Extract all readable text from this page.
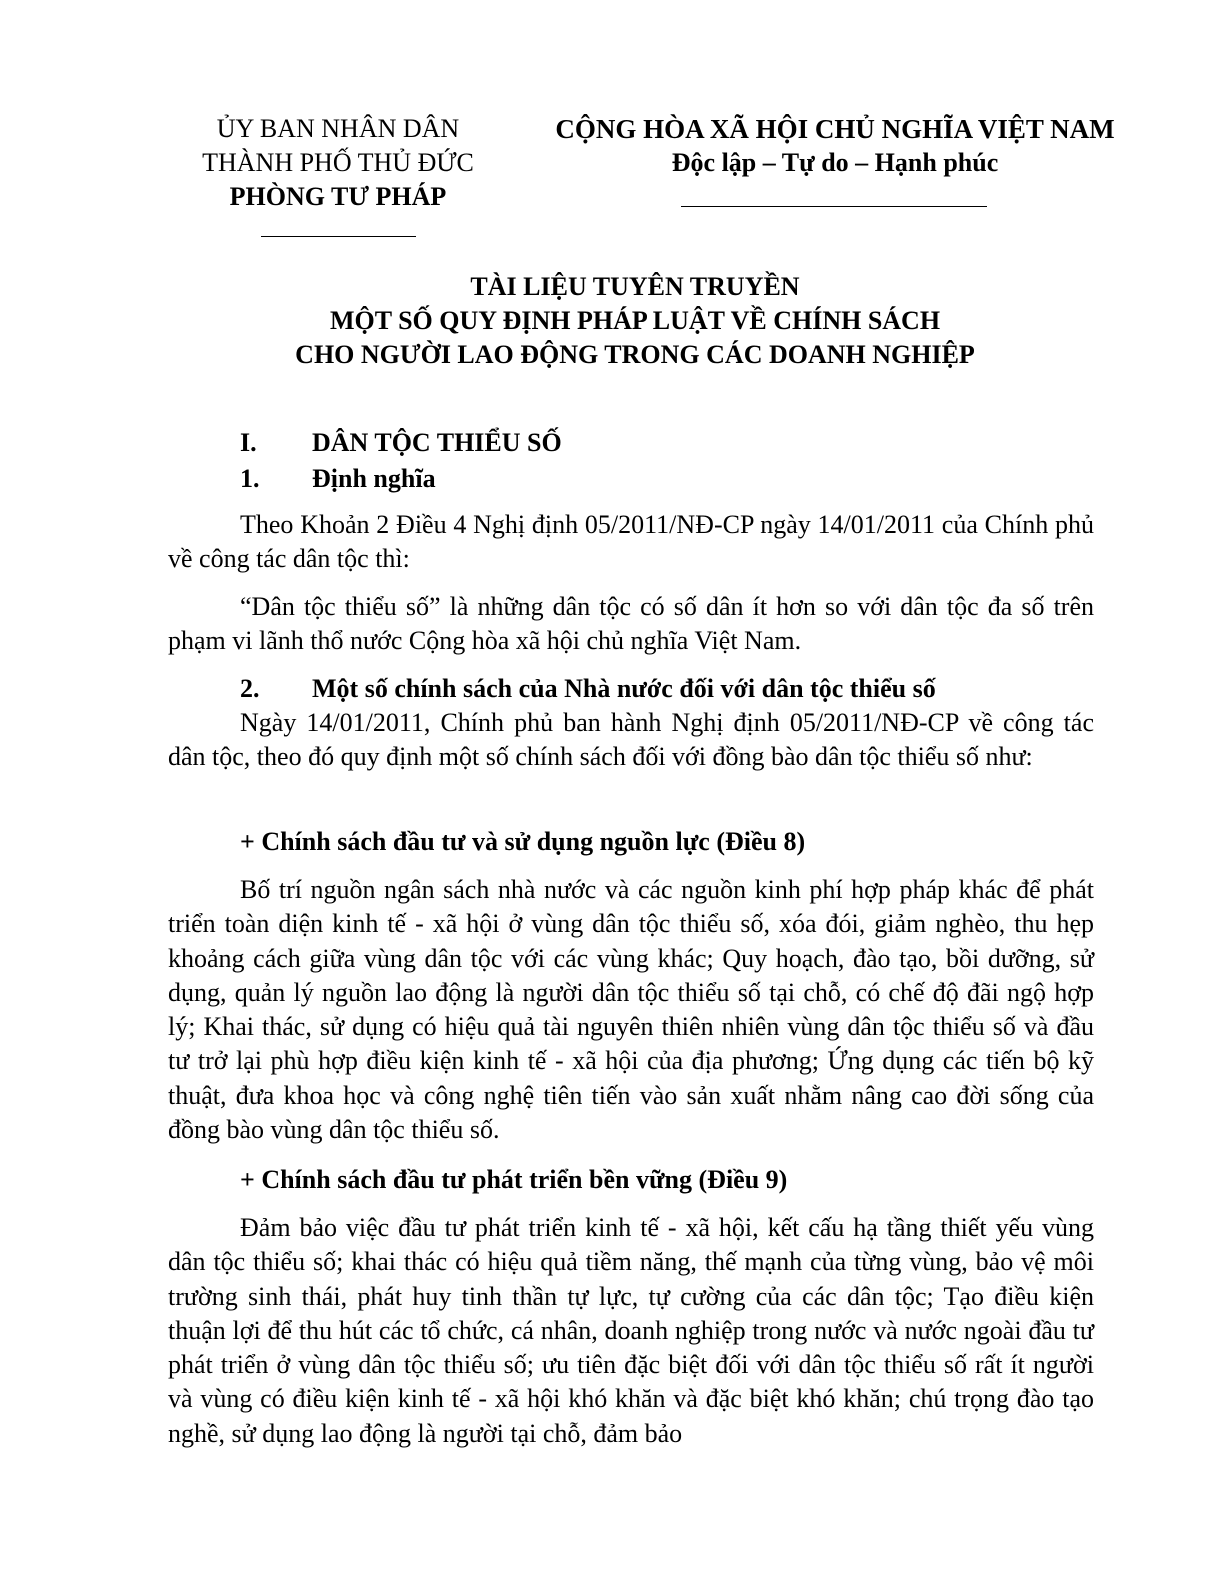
ỦY BAN NHÂN DÂN
THÀNH PHỐ THỦ ĐỨC
PHÒNG TƯ PHÁP
CỘNG HÒA XÃ HỘI CHỦ NGHĨA VIỆT NAM
Độc lập – Tự do – Hạnh phúc
TÀI LIỆU TUYÊN TRUYỀN
MỘT SỐ QUY ĐỊNH PHÁP LUẬT VỀ CHÍNH SÁCH
CHO NGƯỜI LAO ĐỘNG TRONG CÁC DOANH NGHIỆP
I. DÂN TỘC THIỂU SỐ
1. Định nghĩa

Theo Khoản 2 Điều 4 Nghị định 05/2011/NĐ-CP ngày 14/01/2011 của Chính phủ về công tác dân tộc thì:

“Dân tộc thiểu số” là những dân tộc có số dân ít hơn so với dân tộc đa số trên phạm vi lãnh thổ nước Cộng hòa xã hội chủ nghĩa Việt Nam.

2. Một số chính sách của Nhà nước đối với dân tộc thiểu số

Ngày 14/01/2011, Chính phủ ban hành Nghị định 05/2011/NĐ-CP về công tác dân tộc, theo đó quy định một số chính sách đối với đồng bào dân tộc thiểu số như:

+ Chính sách đầu tư và sử dụng nguồn lực (Điều 8)

Bố trí nguồn ngân sách nhà nước và các nguồn kinh phí hợp pháp khác để phát triển toàn diện kinh tế - xã hội ở vùng dân tộc thiểu số, xóa đói, giảm nghèo, thu hẹp khoảng cách giữa vùng dân tộc với các vùng khác; Quy hoạch, đào tạo, bồi dưỡng, sử dụng, quản lý nguồn lao động là người dân tộc thiểu số tại chỗ, có chế độ đãi ngộ hợp lý; Khai thác, sử dụng có hiệu quả tài nguyên thiên nhiên vùng dân tộc thiểu số và đầu tư trở lại phù hợp điều kiện kinh tế - xã hội của địa phương; Ứng dụng các tiến bộ kỹ thuật, đưa khoa học và công nghệ tiên tiến vào sản xuất nhằm nâng cao đời sống của đồng bào vùng dân tộc thiểu số.

+ Chính sách đầu tư phát triển bền vững (Điều 9)

Đảm bảo việc đầu tư phát triển kinh tế - xã hội, kết cấu hạ tầng thiết yếu vùng dân tộc thiểu số; khai thác có hiệu quả tiềm năng, thế mạnh của từng vùng, bảo vệ môi trường sinh thái, phát huy tinh thần tự lực, tự cường của các dân tộc; Tạo điều kiện thuận lợi để thu hút các tổ chức, cá nhân, doanh nghiệp trong nước và nước ngoài đầu tư phát triển ở vùng dân tộc thiểu số; ưu tiên đặc biệt đối với dân tộc thiểu số rất ít người và vùng có điều kiện kinh tế - xã hội khó khăn và đặc biệt khó khăn; chú trọng đào tạo nghề, sử dụng lao động là người tại chỗ, đảm bảo
